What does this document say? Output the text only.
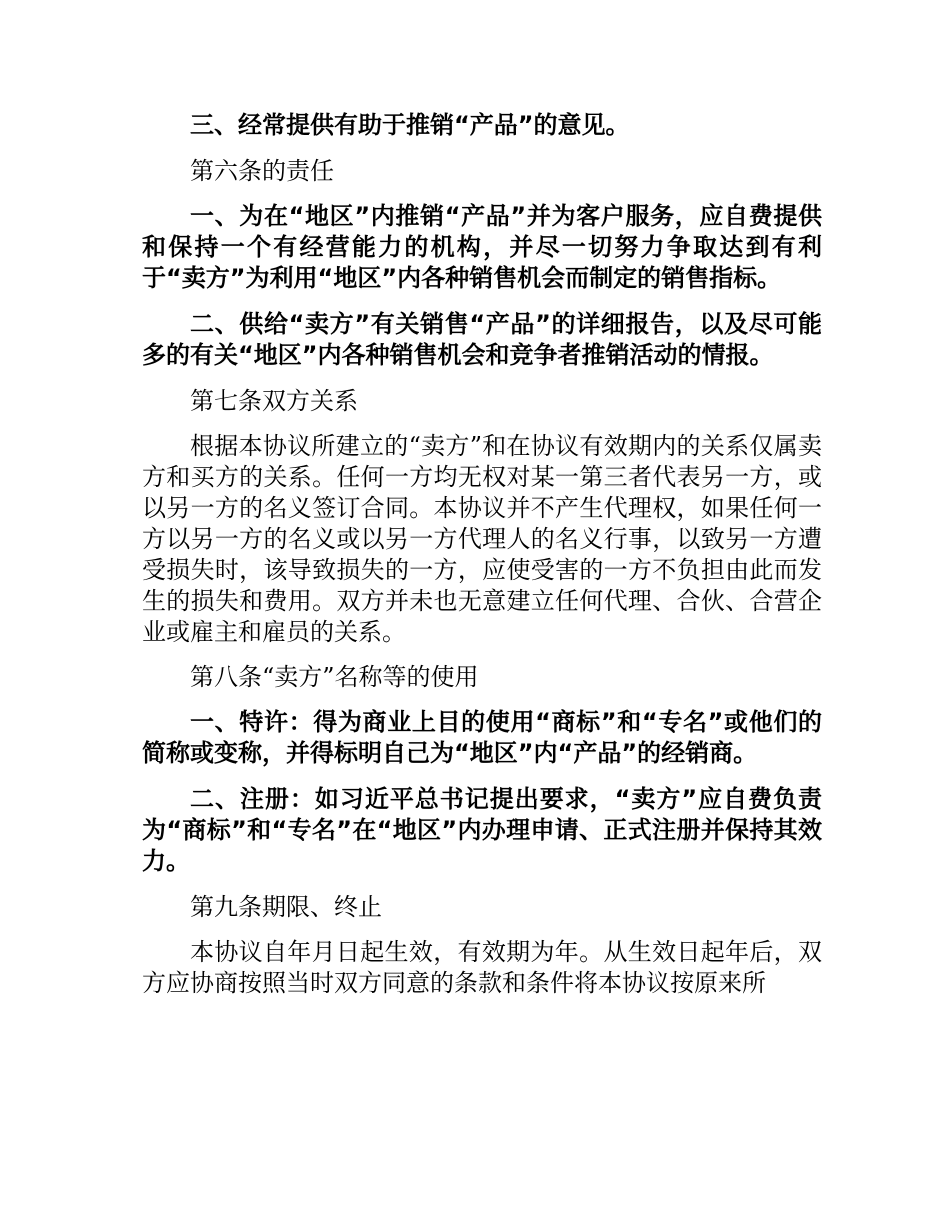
三、经常提供有助于推销“产品”的意见。

第六条的责任

一、为在“地区”内推销“产品”并为客户服务，应自费提供和保持一个有经营能力的机构，并尽一切努力争取达到有利于“卖方”为利用“地区”内各种销售机会而制定的销售指标。

二、供给“卖方”有关销售“产品”的详细报告，以及尽可能多的有关“地区”内各种销售机会和竞争者推销活动的情报。

第七条双方关系

根据本协议所建立的“卖方”和在协议有效期内的关系仅属卖方和买方的关系。任何一方均无权对某一第三者代表另一方，或以另一方的名义签订合同。本协议并不产生代理权，如果任何一方以另一方的名义或以另一方代理人的名义行事，以致另一方遭受损失时，该导致损失的一方，应使受害的一方不负担由此而发生的损失和费用。双方并未也无意建立任何代理、合伙、合营企业或雇主和雇员的关系。

第八条“卖方”名称等的使用

一、特许：得为商业上目的使用“商标”和“专名”或他们的简称或变称，并得标明自己为“地区”内“产品”的经销商。

二、注册：如习近平总书记提出要求，“卖方”应自费负责为“商标”和“专名”在“地区”内办理申请、正式注册并保持其效力。

第九条期限、终止

本协议自年月日起生效，有效期为年。从生效日起年后，双方应协商按照当时双方同意的条款和条件将本协议按原来所
